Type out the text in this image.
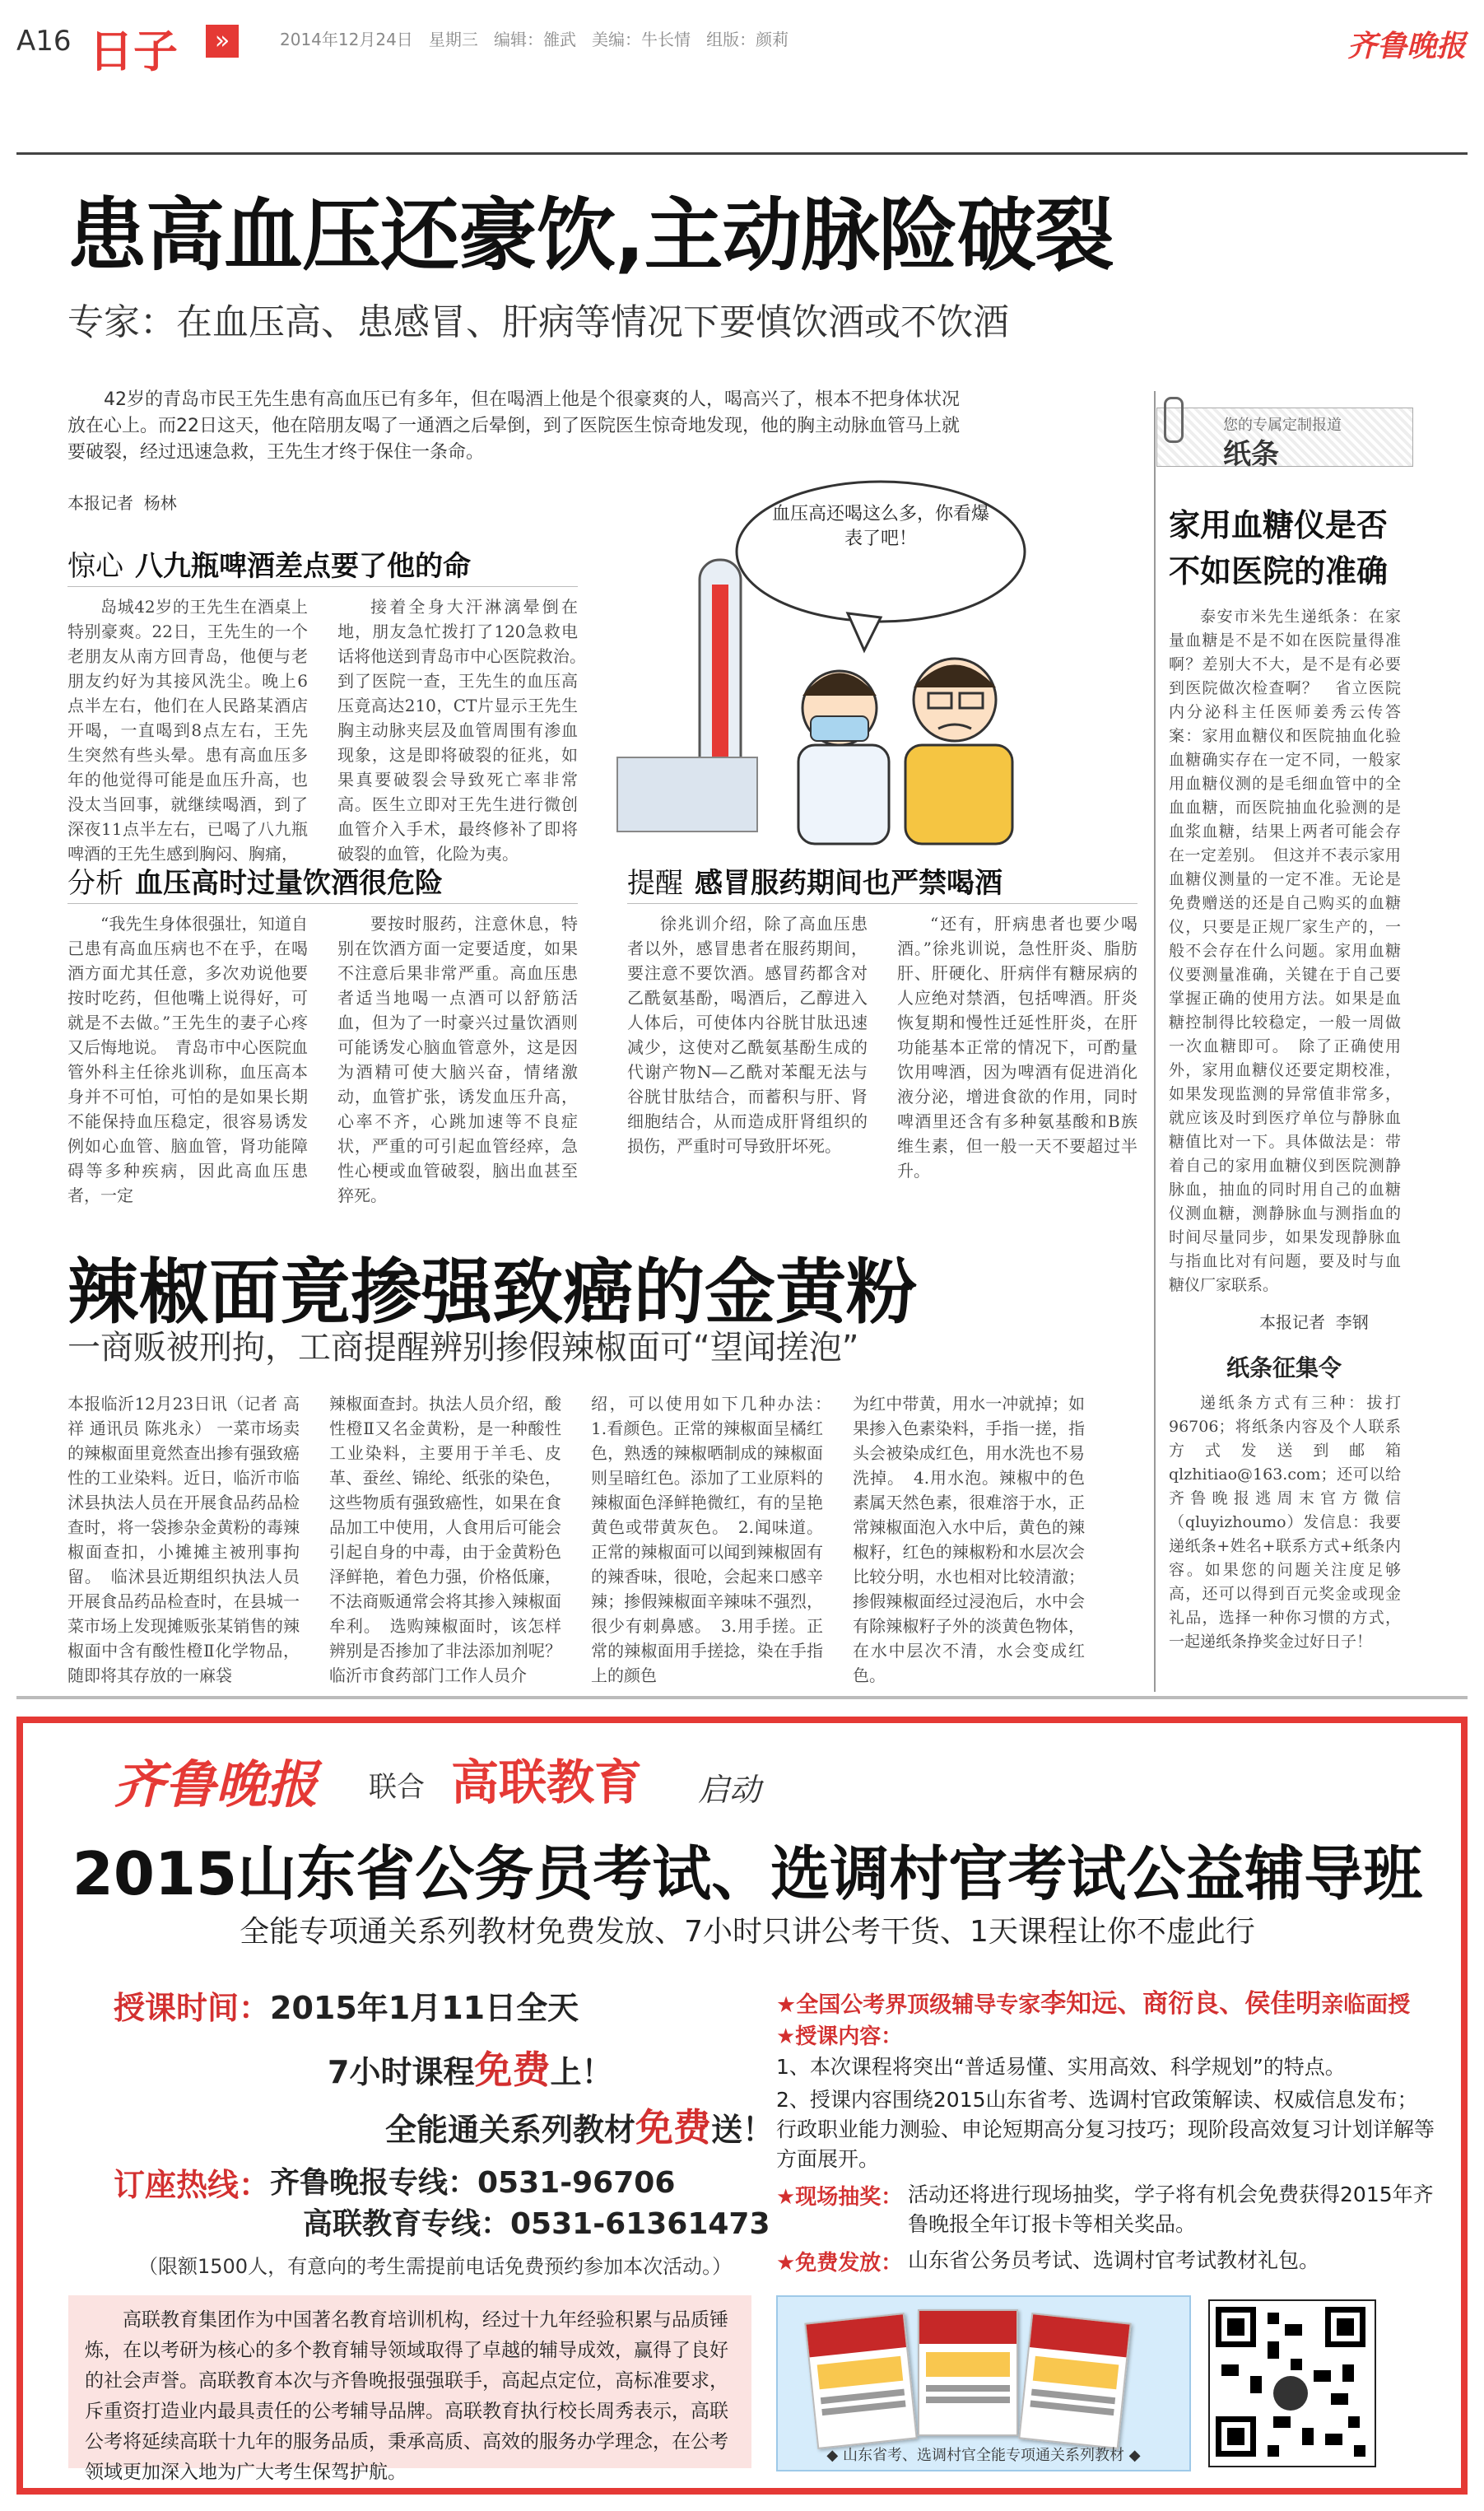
A16 日子	»	2014年12月24日   星期三   编辑：雒武   美编：牛长情   组版：颜莉	齐鲁晚报
患高血压还豪饮,主动脉险破裂
专家：在血压高、患感冒、肝病等情况下要慎饮酒或不饮酒
42岁的青岛市民王先生患有高血压已有多年，但在喝酒上他是个很豪爽的人，喝高兴了，根本不把身体状况放在心上。而22日这天，他在陪朋友喝了一通酒之后晕倒，到了医院医生惊奇地发现，他的胸主动脉血管马上就要破裂，经过迅速急救，王先生才终于保住一条命。
本报记者  杨林
惊心 八九瓶啤酒差点要了他的命
岛城42岁的王先生在酒桌上特别豪爽。22日，王先生的一个老朋友从南方回青岛，他便与老朋友约好为其接风洗尘。晚上6点半左右，他们在人民路某酒店开喝，一直喝到8点左右，王先生突然有些头晕。患有高血压多年的他觉得可能是血压升高，也没太当回事，就继续喝酒，到了深夜11点半左右，已喝了八九瓶啤酒的王先生感到胸闷、胸痛，
接着全身大汗淋漓晕倒在地，朋友急忙拨打了120急救电话将他送到青岛市中心医院救治。　到了医院一查，王先生的血压高压竟高达210，CT片显示王先生胸主动脉夹层及血管周围有渗血现象，这是即将破裂的征兆，如果真要破裂会导致死亡率非常高。医生立即对王先生进行微创血管介入手术，最终修补了即将破裂的血管，化险为夷。
血压高还喝这么多，你看爆表了吧！
分析 血压高时过量饮酒很危险
“我先生身体很强壮，知道自己患有高血压病也不在乎，在喝酒方面尤其任意，多次劝说他要按时吃药，但他嘴上说得好，可就是不去做。”王先生的妻子心疼又后悔地说。　青岛市中心医院血管外科主任徐兆训称，血压高本身并不可怕，可怕的是如果长期不能保持血压稳定，很容易诱发例如心血管、脑血管，肾功能障碍等多种疾病，因此高血压患者，一定
要按时服药，注意休息，特别在饮酒方面一定要适度，如果不注意后果非常严重。高血压患者适当地喝一点酒可以舒筋活血，但为了一时豪兴过量饮酒则可能诱发心脑血管意外，这是因为酒精可使大脑兴奋，情绪激动，血管扩张，诱发血压升高，心率不齐，心跳加速等不良症状，严重的可引起血管经瘁，急性心梗或血管破裂，脑出血甚至猝死。
提醒 感冒服药期间也严禁喝酒
徐兆训介绍，除了高血压患者以外，感冒患者在服药期间，要注意不要饮酒。感冒药都含对乙酰氨基酚，喝酒后，乙醇进入人体后，可使体内谷胱甘肽迅速减少，这使对乙酰氨基酚生成的代谢产物N—乙酰对苯醌无法与谷胱甘肽结合，而蓄积与肝、肾细胞结合，从而造成肝肾组织的损伤，严重时可导致肝坏死。
“还有，肝病患者也要少喝酒。”徐兆训说，急性肝炎、脂肪肝、肝硬化、肝病伴有糖尿病的人应绝对禁酒，包括啤酒。肝炎恢复期和慢性迁延性肝炎，在肝功能基本正常的情况下，可酌量饮用啤酒，因为啤酒有促进消化液分泌，增进食欲的作用，同时啤酒里还含有多种氨基酸和B族维生素，但一般一天不要超过半升。
辣椒面竟掺强致癌的金黄粉
一商贩被刑拘，工商提醒辨别掺假辣椒面可“望闻搓泡”
本报临沂12月23日讯（记者 高祥 通讯员 陈兆永） 一菜市场卖的辣椒面里竟然查出掺有强致癌性的工业染料。近日，临沂市临沭县执法人员在开展食品药品检查时，将一袋掺杂金黄粉的毒辣椒面查扣，小摊摊主被刑事拘留。　临沭县近期组织执法人员开展食品药品检查时，在县城一菜市场上发现摊贩张某销售的辣椒面中含有酸性橙Ⅱ化学物品，随即将其存放的一麻袋
辣椒面查封。执法人员介绍，酸性橙Ⅱ又名金黄粉，是一种酸性工业染料，主要用于羊毛、皮革、蚕丝、锦纶、纸张的染色，这些物质有强致癌性，如果在食品加工中使用，人食用后可能会引起自身的中毒，由于金黄粉色泽鲜艳，着色力强，价格低廉，不法商贩通常会将其掺入辣椒面牟利。　选购辣椒面时，该怎样辨别是否掺加了非法添加剂呢？临沂市食药部门工作人员介
绍，可以使用如下几种办法：　1.看颜色。正常的辣椒面呈橘红色，熟透的辣椒晒制成的辣椒面则呈暗红色。添加了工业原料的辣椒面色泽鲜艳微红，有的呈艳黄色或带黄灰色。　2.闻味道。正常的辣椒面可以闻到辣椒固有的辣香味，很呛，会起来口感辛辣；掺假辣椒面辛辣味不强烈，很少有刺鼻感。　3.用手搓。正常的辣椒面用手搓捻，染在手指上的颜色
为红中带黄，用水一冲就掉；如果掺入色素染料，手指一搓，指头会被染成红色，用水洗也不易洗掉。　4.用水泡。辣椒中的色素属天然色素，很难溶于水，正常辣椒面泡入水中后，黄色的辣椒籽，红色的辣椒粉和水层次会比较分明，水也相对比较清澈；掺假辣椒面经过浸泡后，水中会有除辣椒籽子外的淡黄色物体，在水中层次不清，水会变成红色。
您的专属定制报道
纸条
家用血糖仪是否
不如医院的准确
泰安市米先生递纸条：在家量血糖是不是不如在医院量得准啊？差别大不大，是不是有必要到医院做次检查啊？　省立医院内分泌科主任医师姜秀云传答案：家用血糖仪和医院抽血化验血糖确实存在一定不同，一般家用血糖仪测的是毛细血管中的全血血糖，而医院抽血化验测的是血浆血糖，结果上两者可能会存在一定差别。　但这并不表示家用血糖仪测量的一定不准。无论是免费赠送的还是自己购买的血糖仪，只要是正规厂家生产的，一般不会存在什么问题。家用血糖仪要测量准确，关键在于自己要掌握正确的使用方法。如果是血糖控制得比较稳定，一般一周做一次血糖即可。　除了正确使用外，家用血糖仪还要定期校准，如果发现监测的异常值非常多，就应该及时到医疗单位与静脉血糖值比对一下。具体做法是：带着自己的家用血糖仪到医院测静脉血，抽血的同时用自己的血糖仪测血糖，测静脉血与测指血的时间尽量同步，如果发现静脉血与指血比对有问题，要及时与血糖仪厂家联系。
本报记者  李钢
纸条征集令
递纸条方式有三种：拔打96706；将纸条内容及个人联系方式发送到邮箱qlzhitiao@163.com；还可以给齐鲁晚报逃周末官方微信（qluyizhoumo）发信息：我要递纸条+姓名+联系方式+纸条内容。如果您的问题关注度足够高，还可以得到百元奖金或现金礼品，选择一种你习惯的方式，一起递纸条挣奖金过好日子！
齐鲁晚报 联合 高联教育 启动
2015山东省公务员考试、选调村官考试公益辅导班
全能专项通关系列教材免费发放、7小时只讲公考干货、1天课程让你不虚此行
授课时间：2015年1月11日全天
7小时课程免费上！
全能通关系列教材免费送！
订座热线： 齐鲁晚报专线：0531-96706
高联教育专线：0531-61361473
（限额1500人，有意向的考生需提前电话免费预约参加本次活动。）
★全国公考界顶级辅导专家李知远、商衍良、侯佳明亲临面授
★授课内容：
1、本次课程将突出“普适易懂、实用高效、科学规划”的特点。
2、授课内容围绕2015山东省考、选调村官政策解读、权威信息发布；行政职业能力测验、申论短期高分复习技巧；现阶段高效复习计划详解等方面展开。
★现场抽奖： 活动还将进行现场抽奖，学子将有机会免费获得2015年齐鲁晚报全年订报卡等相关奖品。
★免费发放： 山东省公务员考试、选调村官考试教材礼包。
高联教育集团作为中国著名教育培训机构，经过十九年经验积累与品质锤炼，在以考研为核心的多个教育辅导领域取得了卓越的辅导成效，赢得了良好的社会声誉。高联教育本次与齐鲁晚报强强联手，高起点定位，高标准要求，斥重资打造业内最具责任的公考辅导品牌。高联教育执行校长周秀表示，高联公考将延续高联十九年的服务品质，秉承高质、高效的服务办学理念，在公考领域更加深入地为广大考生保驾护航。
◆ 山东省考、选调村官全能专项通关系列教材 ◆
